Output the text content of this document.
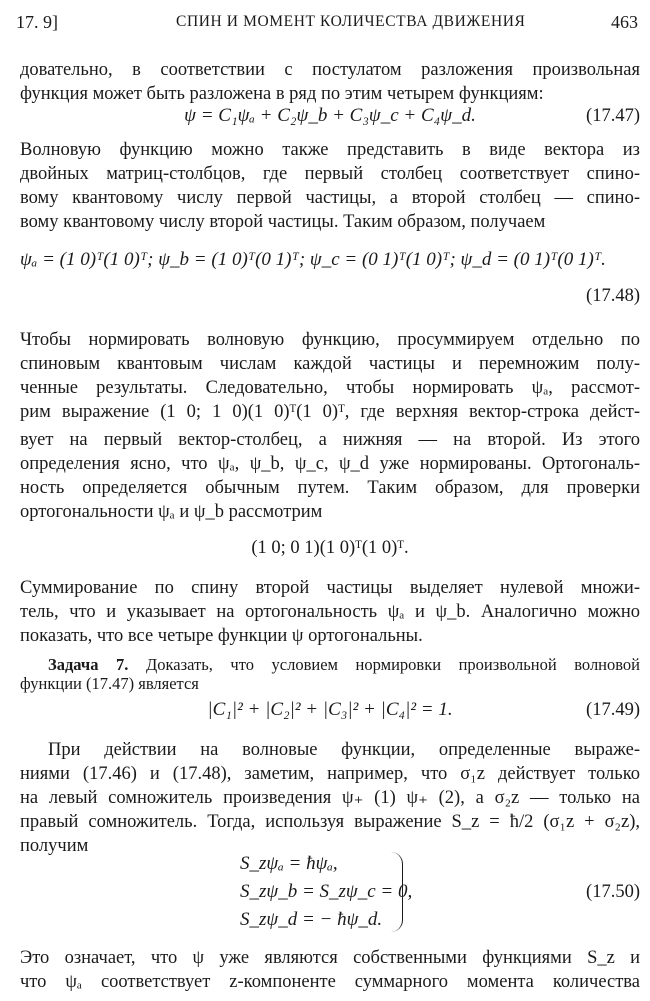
17. 9]	СПИН И МОМЕНТ КОЛИЧЕСТВА ДВИЖЕНИЯ	463
довательно, в соответствии с постулатом разложения произвольная
функция может быть разложена в ряд по этим четырем функциям:
ψ = C₁ψₐ + C₂ψ_b + C₃ψ_c + C₄ψ_d.	(17.47)
Волновую функцию можно также представить в виде вектора из
двойных матриц-столбцов, где первый столбец соответствует спино-
вому квантовому числу первой частицы, а второй столбец — спино-
вому квантовому числу второй частицы. Таким образом, получаем
ψₐ = (1 0)ᵀ(1 0)ᵀ; ψ_b = (1 0)ᵀ(0 1)ᵀ; ψ_c = (0 1)ᵀ(1 0)ᵀ; ψ_d = (0 1)ᵀ(0 1)ᵀ.
(17.48)
Чтобы нормировать волновую функцию, просуммируем отдельно по
спиновым квантовым числам каждой частицы и перемножим полу-
ченные результаты. Следовательно, чтобы нормировать ψₐ, рассмот-
рим выражение (1 0; 1 0)(1 0)ᵀ(1 0)ᵀ, где верхняя вектор-строка дейст-
вует на первый вектор-столбец, а нижняя — на второй. Из этого
определения ясно, что ψₐ, ψ_b, ψ_c, ψ_d уже нормированы. Ортогональ-
ность определяется обычным путем. Таким образом, для проверки
ортогональности ψₐ и ψ_b рассмотрим
(1 0; 0 1)(1 0)ᵀ(1 0)ᵀ.
Суммирование по спину второй частицы выделяет нулевой множи-
тель, что и указывает на ортогональность ψₐ и ψ_b. Аналогично можно
показать, что все четыре функции ψ ортогональны.
Задача 7. Доказать, что условием нормировки произвольной волновой
функции (17.47) является
|C₁|² + |C₂|² + |C₃|² + |C₄|² = 1.	(17.49)
При действии на волновые функции, определенные выраже-
ниями (17.46) и (17.48), заметим, например, что σ₁z действует только
на левый сомножитель произведения ψ₊ (1) ψ₊ (2), а σ₂z — только на
правый сомножитель. Тогда, используя выражение S_z = ħ/2 (σ₁z + σ₂z),
получим
S_zψₐ = ħψₐ,
S_zψ_b = S_zψ_c = 0,
S_zψ_d = − ħψ_d.
(17.50)
Это означает, что ψ уже являются собственными функциями S_z и
что ψₐ соответствует z-компоненте суммарного момента количества
